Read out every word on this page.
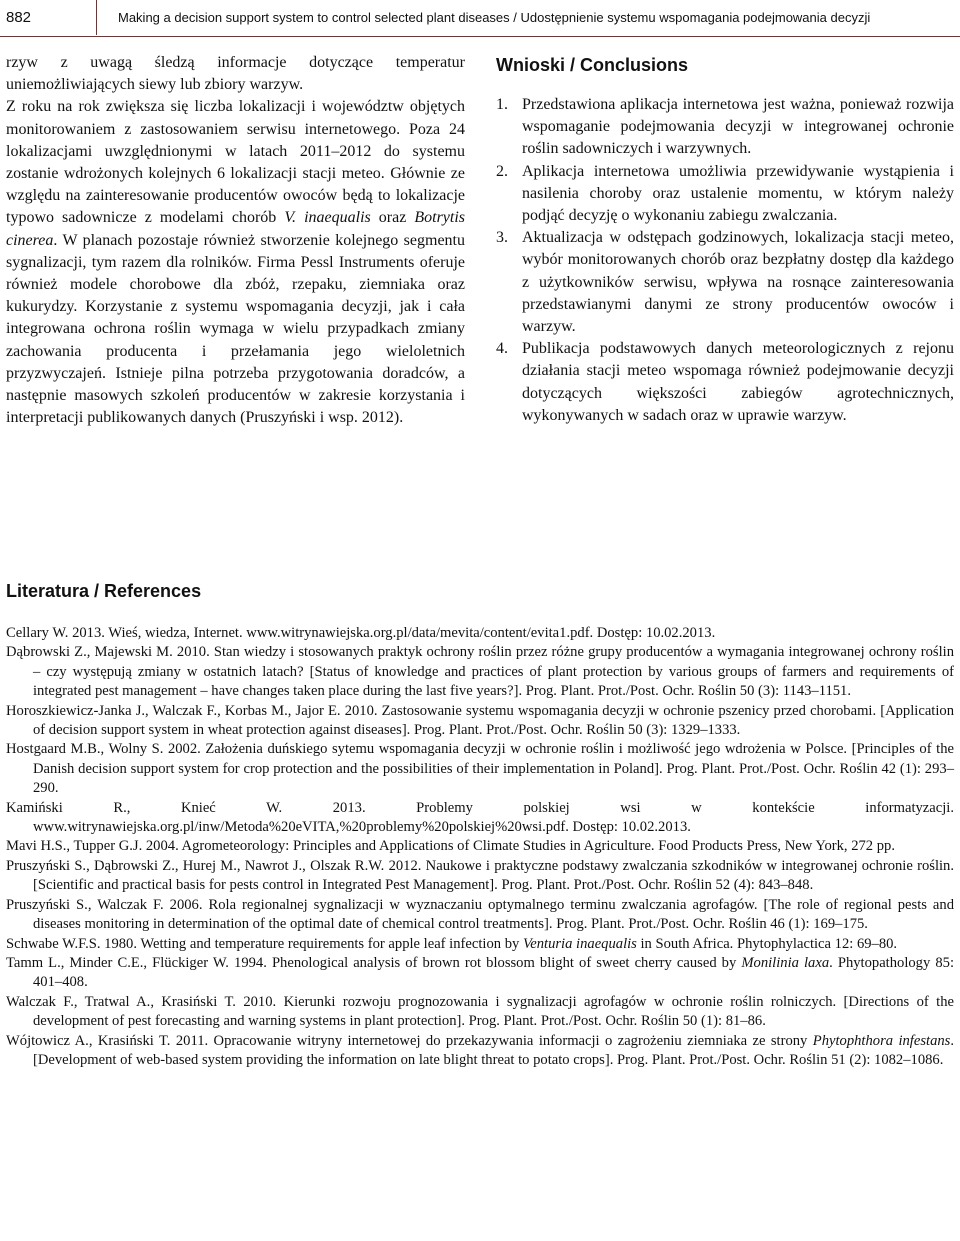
882	Making a decision support system to control selected plant diseases / Udostępnienie systemu wspomagania podejmowania decyzji

rzyw z uwagą śledzą informacje dotyczące temperatur uniemożliwiających siewy lub zbiory warzyw.

Z roku na rok zwiększa się liczba lokalizacji i województw objętych monitorowaniem z zastosowaniem serwisu internetowego. Poza 24 lokalizacjami uwzględnionymi w latach 2011–2012 do systemu zostanie wdrożonych kolejnych 6 lokalizacji stacji meteo. Głównie ze względu na zainteresowanie producentów owoców będą to lokalizacje typowo sadownicze z modelami chorób V. inaequalis oraz Botrytis cinerea. W planach pozostaje również stworzenie kolejnego segmentu sygnalizacji, tym razem dla rolników. Firma Pessl Instruments oferuje również modele chorobowe dla zbóż, rzepaku, ziemniaka oraz kukurydzy. Korzystanie z systemu wspomagania decyzji, jak i cała integrowana ochrona roślin wymaga w wielu przypadkach zmiany zachowania producenta i przełamania jego wieloletnich przyzwyczajeń. Istnieje pilna potrzeba przygotowania doradców, a następnie masowych szkoleń producentów w zakresie korzystania i interpretacji publikowanych danych (Pruszyński i wsp. 2012).

Wnioski / Conclusions
1. Przedstawiona aplikacja internetowa jest ważna, ponieważ rozwija wspomaganie podejmowania decyzji w integrowanej ochronie roślin sadowniczych i warzywnych.
2. Aplikacja internetowa umożliwia przewidywanie wystąpienia i nasilenia choroby oraz ustalenie momentu, w którym należy podjąć decyzję o wykonaniu zabiegu zwalczania.
3. Aktualizacja w odstępach godzinowych, lokalizacja stacji meteo, wybór monitorowanych chorób oraz bezpłatny dostęp dla każdego z użytkowników serwisu, wpływa na rosnące zainteresowania przedstawianymi danymi ze strony producentów owoców i warzyw.
4. Publikacja podstawowych danych meteorologicznych z rejonu działania stacji meteo wspomaga również podejmowanie decyzji dotyczących większości zabiegów agrotechnicznych, wykonywanych w sadach oraz w uprawie warzyw.
Literatura / References

Cellary W. 2013. Wieś, wiedza, Internet. www.witrynawiejska.org.pl/data/mevita/content/evita1.pdf. Dostęp: 10.02.2013.

Dąbrowski Z., Majewski M. 2010. Stan wiedzy i stosowanych praktyk ochrony roślin przez różne grupy producentów a wymagania integrowanej ochrony roślin – czy występują zmiany w ostatnich latach? [Status of knowledge and practices of plant protection by various groups of farmers and requirements of integrated pest management – have changes taken place during the last five years?]. Prog. Plant. Prot./Post. Ochr. Roślin 50 (3): 1143–1151.

Horoszkiewicz-Janka J., Walczak F., Korbas M., Jajor E. 2010. Zastosowanie systemu wspomagania decyzji w ochronie pszenicy przed chorobami. [Application of decision support system in wheat protection against diseases]. Prog. Plant. Prot./Post. Ochr. Roślin 50 (3): 1329–1333.

Hostgaard M.B., Wolny S. 2002. Założenia duńskiego sytemu wspomagania decyzji w ochronie roślin i możliwość jego wdrożenia w Polsce. [Principles of the Danish decision support system for crop protection and the possibilities of their implementation in Poland]. Prog. Plant. Prot./Post. Ochr. Roślin 42 (1): 293–290.

Kamiński R., Knieć W. 2013. Problemy polskiej wsi w kontekście informatyzacji. www.witrynawiejska.org.pl/inw/Metoda%20eVITA,%20problemy%20polskiej%20wsi.pdf. Dostęp: 10.02.2013.

Mavi H.S., Tupper G.J. 2004. Agrometeorology: Principles and Applications of Climate Studies in Agriculture. Food Products Press, New York, 272 pp.

Pruszyński S., Dąbrowski Z., Hurej M., Nawrot J., Olszak R.W. 2012. Naukowe i praktyczne podstawy zwalczania szkodników w integrowanej ochronie roślin. [Scientific and practical basis for pests control in Integrated Pest Management]. Prog. Plant. Prot./Post. Ochr. Roślin 52 (4): 843–848.

Pruszyński S., Walczak F. 2006. Rola regionalnej sygnalizacji w wyznaczaniu optymalnego terminu zwalczania agrofagów. [The role of regional pests and diseases monitoring in determination of the optimal date of chemical control treatments]. Prog. Plant. Prot./Post. Ochr. Roślin 46 (1): 169–175.

Schwabe W.F.S. 1980. Wetting and temperature requirements for apple leaf infection by Venturia inaequalis in South Africa. Phytophylactica 12: 69–80.

Tamm L., Minder C.E., Flückiger W. 1994. Phenological analysis of brown rot blossom blight of sweet cherry caused by Monilinia laxa. Phytopathology 85: 401–408.

Walczak F., Tratwal A., Krasiński T. 2010. Kierunki rozwoju prognozowania i sygnalizacji agrofagów w ochronie roślin rolniczych. [Directions of the development of pest forecasting and warning systems in plant protection]. Prog. Plant. Prot./Post. Ochr. Roślin 50 (1): 81–86.

Wójtowicz A., Krasiński T. 2011. Opracowanie witryny internetowej do przekazywania informacji o zagrożeniu ziemniaka ze strony Phytophthora infestans. [Development of web-based system providing the information on late blight threat to potato crops]. Prog. Plant. Prot./Post. Ochr. Roślin 51 (2): 1082–1086.
